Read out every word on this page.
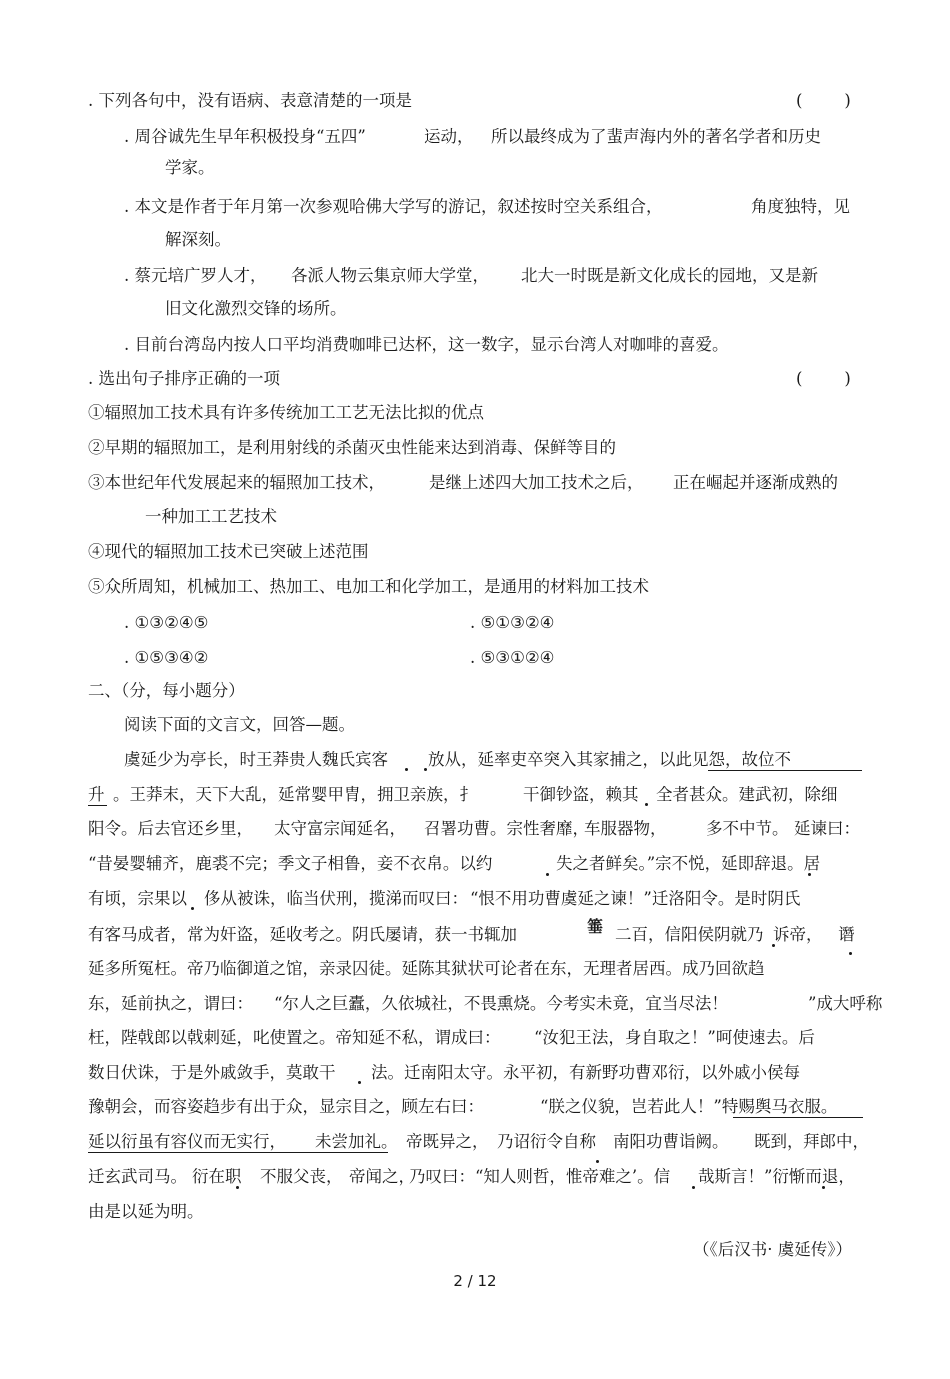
. 下列各句中，没有语病、表意清楚的一项是	(        )

. 周谷诚先生早年积极投身“五四”

	运动，

所以最终成为了蜚声海内外的著名学者和历史

学家。

. 本文是作者于年月第一次参观哈佛大学写的游记，叙述按时空关系组合，

	角度独特，见

解深刻。

. 蔡元培广罗人才，

各派人物云集京师大学堂，

北大一时既是新文化成长的园地，又是新

旧文化激烈交锋的场所。

. 目前台湾岛内按人口平均消费咖啡已达杯，这一数字，显示台湾人对咖啡的喜爱。

. 选出句子排序正确的一项	(        )

①辐照加工技术具有许多传统加工工艺无法比拟的优点

②早期的辐照加工，是利用射线的杀菌灭虫性能来达到消毒、保鲜等目的

③本世纪年代发展起来的辐照加工技术，

	是继上述四大加工技术之后，

正在崛起并逐渐成熟的

一种加工工艺技术

④现代的辐照加工技术已突破上述范围

⑤众所周知，机械加工、热加工、电加工和化学加工，是通用的材料加工技术

. ①③②④⑤

	. ⑤①③②④

. ①⑤③④②

	. ⑤③①②④

二、（分，每小题分）

阅读下面的文言文，回答—题。

虞延少为亭长，时王莽贵人魏氏宾客

放从，延率吏卒突入其家捕之，以此见怨，故位不

升

。王莽末，天下大乱，延常婴甲胄，拥卫亲族，扌

	干御钞盗，赖其

全者甚众。建武初，除细

阳令。后去官还乡里，

太守富宗闻延名，

召署功曹。宗性奢靡，

车服器物，

多不中节。

延谏曰：

“昔晏婴辅齐，鹿裘不完；季文子相鲁，妾不衣帛。以约

	失之者鲜矣。”宗不悦，延即辞退。居

有顷，宗果以

侈从被诛，临当伏刑，揽涕而叹曰：

“恨不用功曹虞延之谏！”迁洛阳令。是时阴氏

有客马成者，常为奸盗，延收考之。阴氏屡请，获一书辄加

	二百，信阳侯阴就乃

诉帝，

谮

箠

延多所冤枉。帝乃临御道之馆，亲录囚徒。延陈其狱状可论者在东，无理者居西。成乃回欲趋

东，延前执之，谓曰：

“尔人之巨蠹，久依城社，不畏熏烧。今考实未竟，宜当尽法！

	”成大呼称

枉，陛戟郎以戟刺延，叱使置之。帝知延不私，谓成曰：

“汝犯王法，身自取之！”呵使速去。后

数日伏诛，于是外戚敛手，莫敢干

法。迁南阳太守。永平初，有新野功曹邓衍，以外戚小侯每

豫朝会，而容姿趋步有出于众，显宗目之，顾左右曰：

	“朕之仪貌，岂若此人！”特赐舆马衣服。

延以衍虽有容仪而无实行，

未尝加礼。

帝既异之，

乃诏衍令自称

南阳功曹诣阙。

既到，

拜郎中，

迁玄武司马。

衍在职

不服父丧，

帝闻之，

乃叹曰：“知人则哲，惟帝难之’。信

哉斯言！”衍惭而退，

由是以延为明。

（《后汉书· 虞延传》）
2 / 12
